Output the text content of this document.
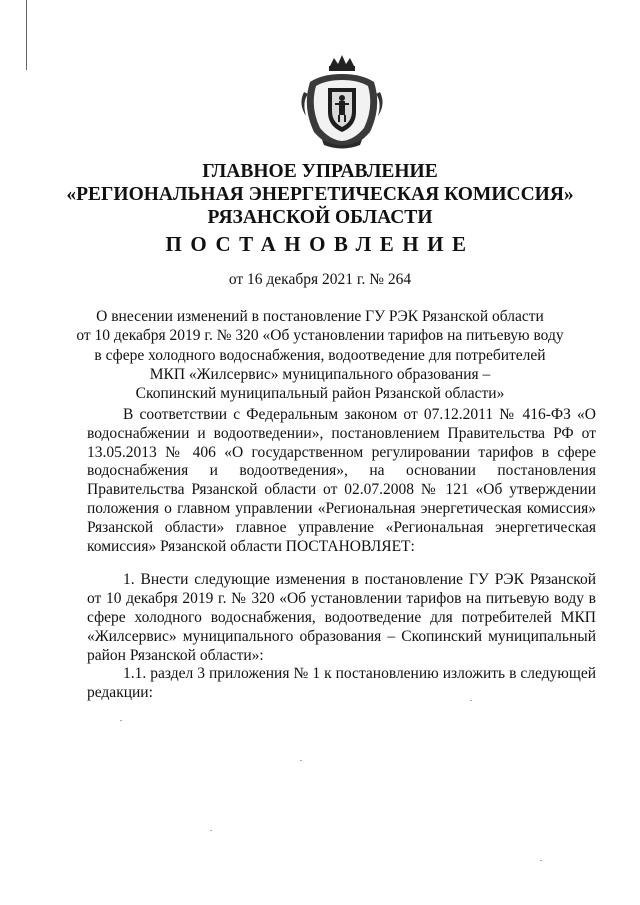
ГЛАВНОЕ УПРАВЛЕНИЕ
«РЕГИОНАЛЬНАЯ ЭНЕРГЕТИЧЕСКАЯ КОМИССИЯ»
РЯЗАНСКОЙ ОБЛАСТИ
ПОСТАНОВЛЕНИЕ
от 16 декабря 2021 г. № 264
О внесении изменений в постановление ГУ РЭК Рязанской области
от 10 декабря 2019 г. № 320 «Об установлении тарифов на питьевую воду
в сфере холодного водоснабжения, водоотведение для потребителей
МКП «Жилсервис» муниципального образования –
Скопинский муниципальный район Рязанской области»

В соответствии с Федеральным законом от 07.12.2011 № 416-ФЗ «О водоснабжении и водоотведении», постановлением Правительства РФ от 13.05.2013 № 406 «О государственном регулировании тарифов в сфере водоснабжения и водоотведения», на основании постановления Правительства Рязанской области от 02.07.2008 № 121 «Об утверждении положения о главном управлении «Региональная энергетическая комиссия» Рязанской области» главное управление «Региональная энергетическая комиссия» Рязанской области ПОСТАНОВЛЯЕТ:

1. Внести следующие изменения в постановление ГУ РЭК Рязанской от 10 декабря 2019 г. № 320 «Об установлении тарифов на питьевую воду в сфере холодного водоснабжения, водоотведение для потребителей МКП «Жилсервис» муниципального образования – Скопинский муниципальный район Рязанской области»:

1.1. раздел 3 приложения № 1 к постановлению изложить в следующей редакции:
